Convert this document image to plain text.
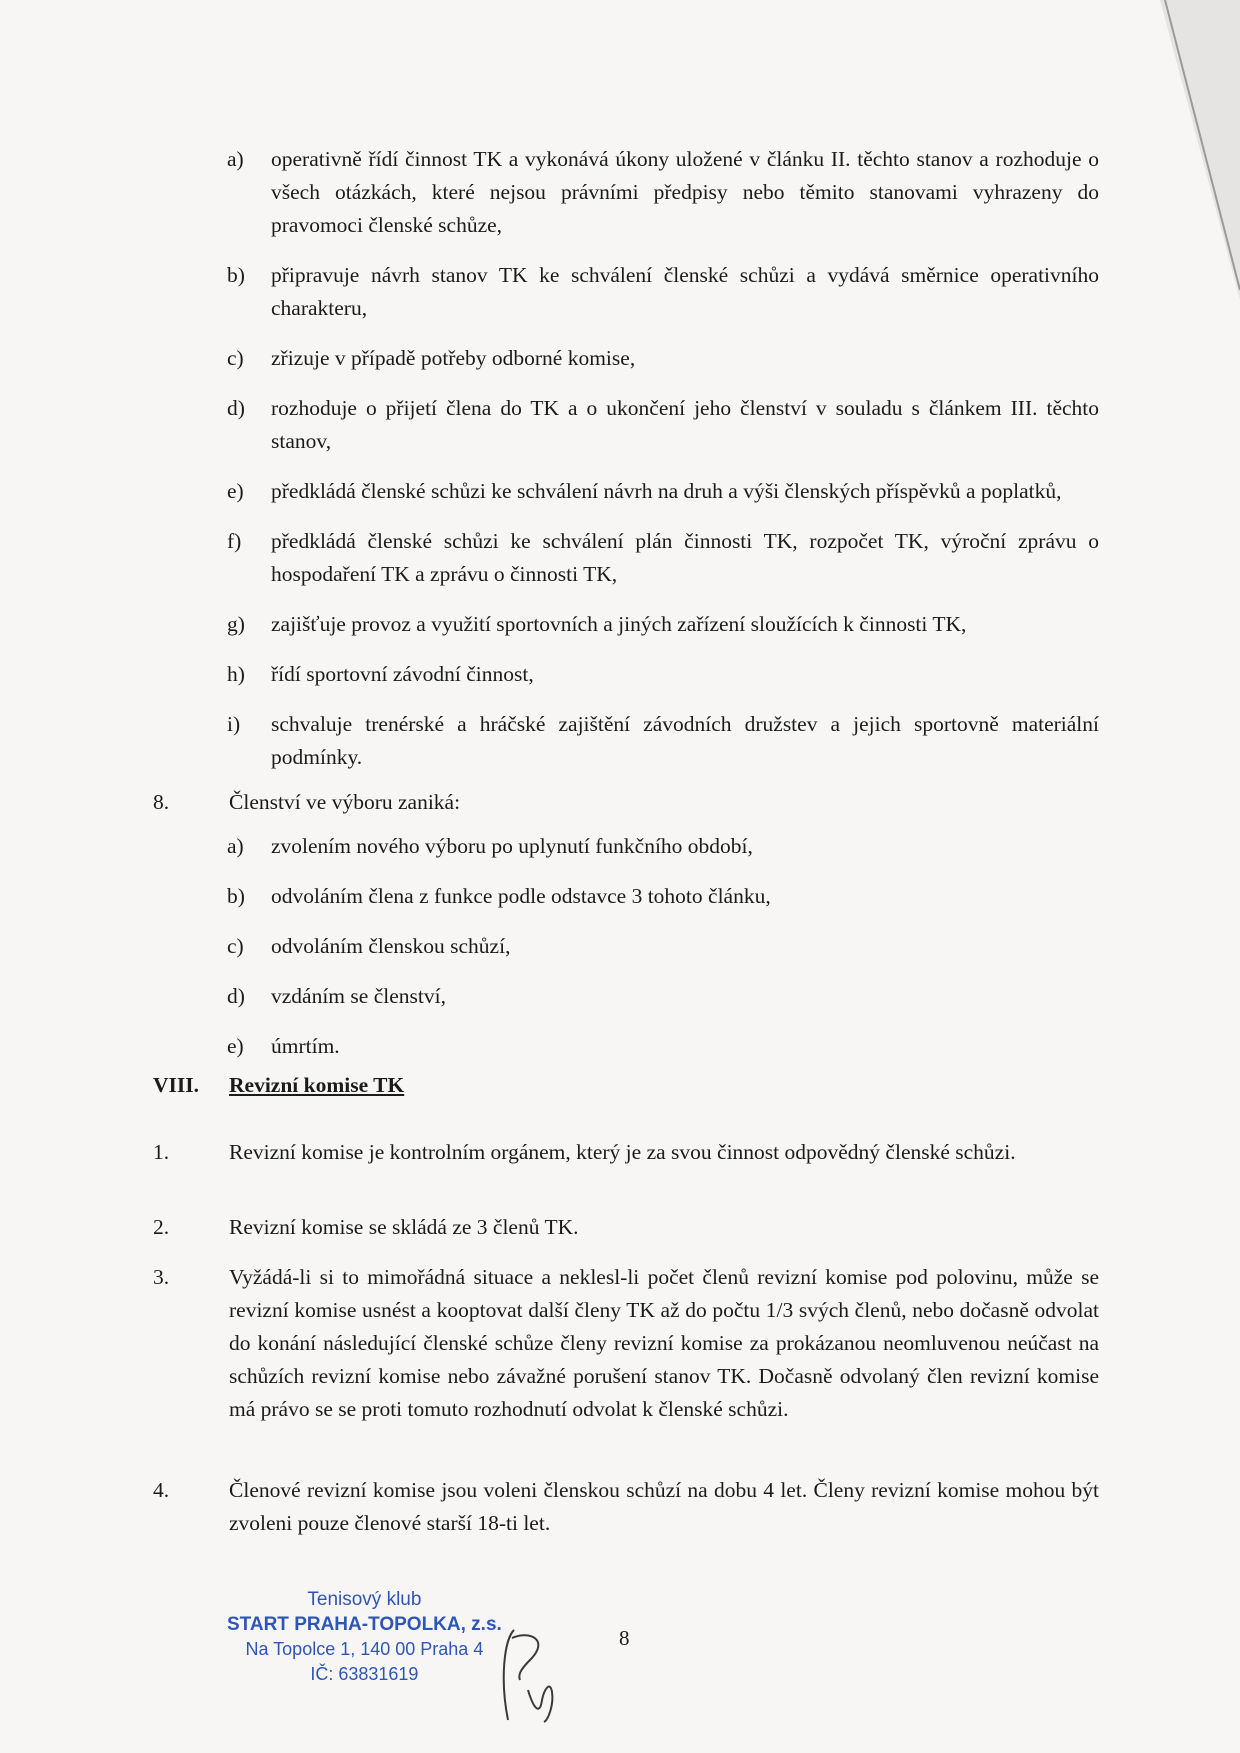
a)	operativně řídí činnost TK a vykonává úkony uložené v článku II. těchto stanov a rozhoduje o všech otázkách, které nejsou právními předpisy nebo těmito stanovami vyhrazeny do pravomoci členské schůze,
b)	připravuje návrh stanov TK ke schválení členské schůzi a vydává směrnice operativního charakteru,
c)	zřizuje v případě potřeby odborné komise,
d)	rozhoduje o přijetí člena do TK a o ukončení jeho členství v souladu s článkem III. těchto stanov,
e)	předkládá členské schůzi ke schválení návrh na druh a výši členských příspěvků a poplatků,
f)	předkládá členské schůzi ke schválení plán činnosti TK, rozpočet TK, výroční zprávu o hospodaření TK a zprávu o činnosti TK,
g)	zajišťuje provoz a využití sportovních a jiných zařízení sloužících k činnosti TK,
h)	řídí sportovní závodní činnost,
i)	schvaluje trenérské a hráčské zajištění závodních družstev a jejich sportovně materiální podmínky.
8.	Členství ve výboru zaniká:
a)	zvolením nového výboru po uplynutí funkčního období,
b)	odvoláním člena z funkce podle odstavce 3 tohoto článku,
c)	odvoláním členskou schůzí,
d)	vzdáním se členství,
e)	úmrtím.
VIII.	Revizní komise TK
1.	Revizní komise je kontrolním orgánem, který je za svou činnost odpovědný členské schůzi.
2.	Revizní komise se skládá ze 3 členů TK.
3.	Vyžádá-li si to mimořádná situace a neklesl-li počet členů revizní komise pod polovinu, může se revizní komise usnést a kooptovat další členy TK až do počtu 1/3 svých členů, nebo dočasně odvolat do konání následující členské schůze členy revizní komise za prokázanou neomluvenou neúčast na schůzích revizní komise nebo závažné porušení stanov TK. Dočasně odvolaný člen revizní komise má právo se se proti tomuto rozhodnutí odvolat k členské schůzi.
4.	Členové revizní komise jsou voleni členskou schůzí na dobu 4 let. Členy revizní komise mohou být zvoleni pouze členové starší 18-ti let.
Tenisový klub
START PRAHA-TOPOLKA, z.s.
Na Topolce 1, 140 00 Praha 4
IČ: 63831619
8
